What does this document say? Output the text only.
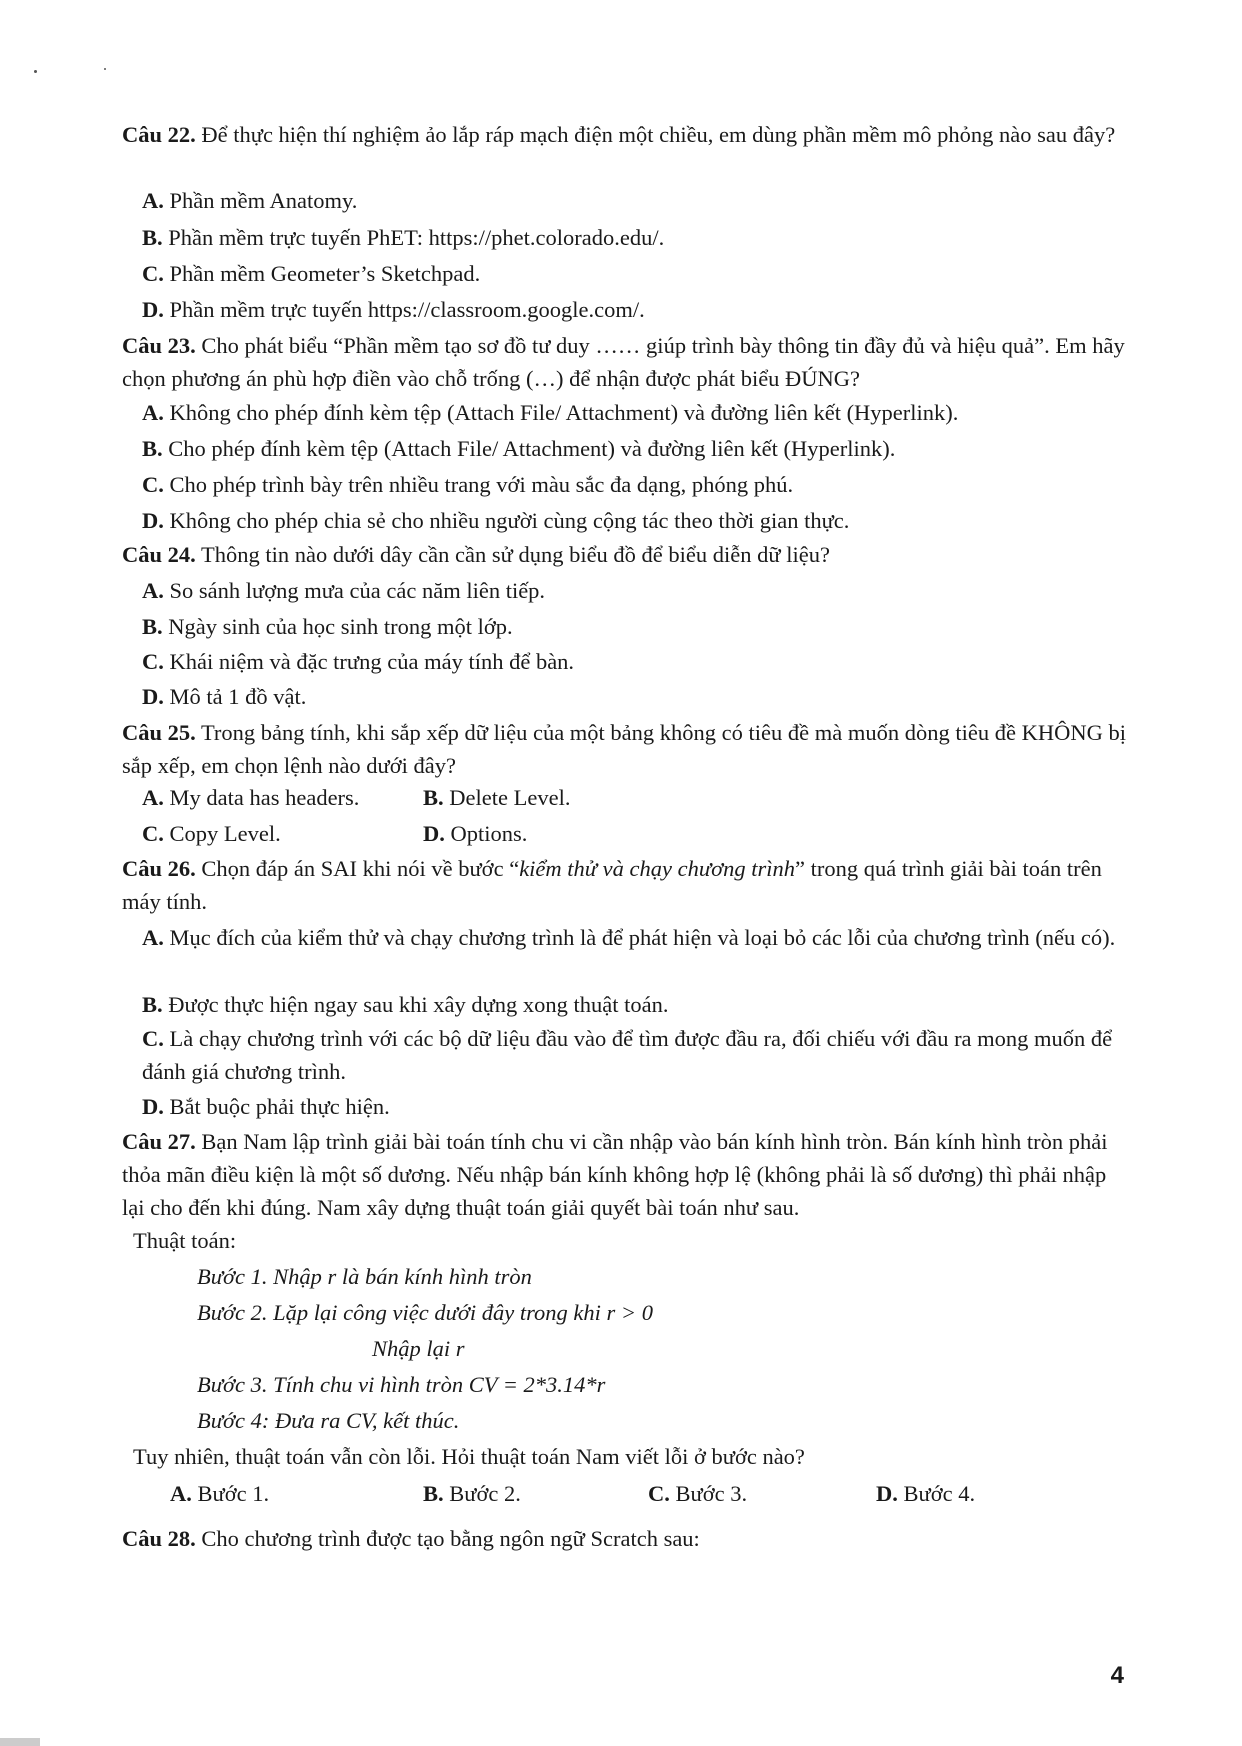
Câu 22. Để thực hiện thí nghiệm ảo lắp ráp mạch điện một chiều, em dùng phần mềm mô phỏng nào sau đây?
A. Phần mềm Anatomy.
B. Phần mềm trực tuyến PhET: https://phet.colorado.edu/.
C. Phần mềm Geometer’s Sketchpad.
D. Phần mềm trực tuyến https://classroom.google.com/.
Câu 23. Cho phát biểu “Phần mềm tạo sơ đồ tư duy …… giúp trình bày thông tin đầy đủ và hiệu quả”. Em hãy chọn phương án phù hợp điền vào chỗ trống (…) để nhận được phát biểu ĐÚNG?
A. Không cho phép đính kèm tệp (Attach File/ Attachment) và đường liên kết (Hyperlink).
B. Cho phép đính kèm tệp (Attach File/ Attachment) và đường liên kết (Hyperlink).
C. Cho phép trình bày trên nhiều trang với màu sắc đa dạng, phóng phú.
D. Không cho phép chia sẻ cho nhiều người cùng cộng tác theo thời gian thực.
Câu 24. Thông tin nào dưới dây cần cần sử dụng biểu đồ để biểu diễn dữ liệu?
A. So sánh lượng mưa của các năm liên tiếp.
B. Ngày sinh của học sinh trong một lớp.
C. Khái niệm và đặc trưng của máy tính để bàn.
D. Mô tả 1 đồ vật.
Câu 25. Trong bảng tính, khi sắp xếp dữ liệu của một bảng không có tiêu đề mà muốn dòng tiêu đề KHÔNG bị sắp xếp, em chọn lệnh nào dưới đây?
A. My data has headers.	B. Delete Level.
C. Copy Level.	D. Options.
Câu 26. Chọn đáp án SAI khi nói về bước “kiểm thử và chạy chương trình” trong quá trình giải bài toán trên máy tính.
A. Mục đích của kiểm thử và chạy chương trình là để phát hiện và loại bỏ các lỗi của chương trình (nếu có).
B. Được thực hiện ngay sau khi xây dựng xong thuật toán.
C. Là chạy chương trình với các bộ dữ liệu đầu vào để tìm được đầu ra, đối chiếu với đầu ra mong muốn để đánh giá chương trình.
D. Bắt buộc phải thực hiện.
Câu 27. Bạn Nam lập trình giải bài toán tính chu vi cần nhập vào bán kính hình tròn. Bán kính hình tròn phải thỏa mãn điều kiện là một số dương. Nếu nhập bán kính không hợp lệ (không phải là số dương) thì phải nhập lại cho đến khi đúng. Nam xây dựng thuật toán giải quyết bài toán như sau.
Thuật toán:
Bước 1. Nhập r là bán kính hình tròn
Bước 2. Lặp lại công việc dưới đây trong khi r > 0
Nhập lại r
Bước 3. Tính chu vi hình tròn CV = 2*3.14*r
Bước 4: Đưa ra CV, kết thúc.
Tuy nhiên, thuật toán vẫn còn lỗi. Hỏi thuật toán Nam viết lỗi ở bước nào?
A. Bước 1.	B. Bước 2.	C. Bước 3.	D. Bước 4.
Câu 28. Cho chương trình được tạo bằng ngôn ngữ Scratch sau:
4
